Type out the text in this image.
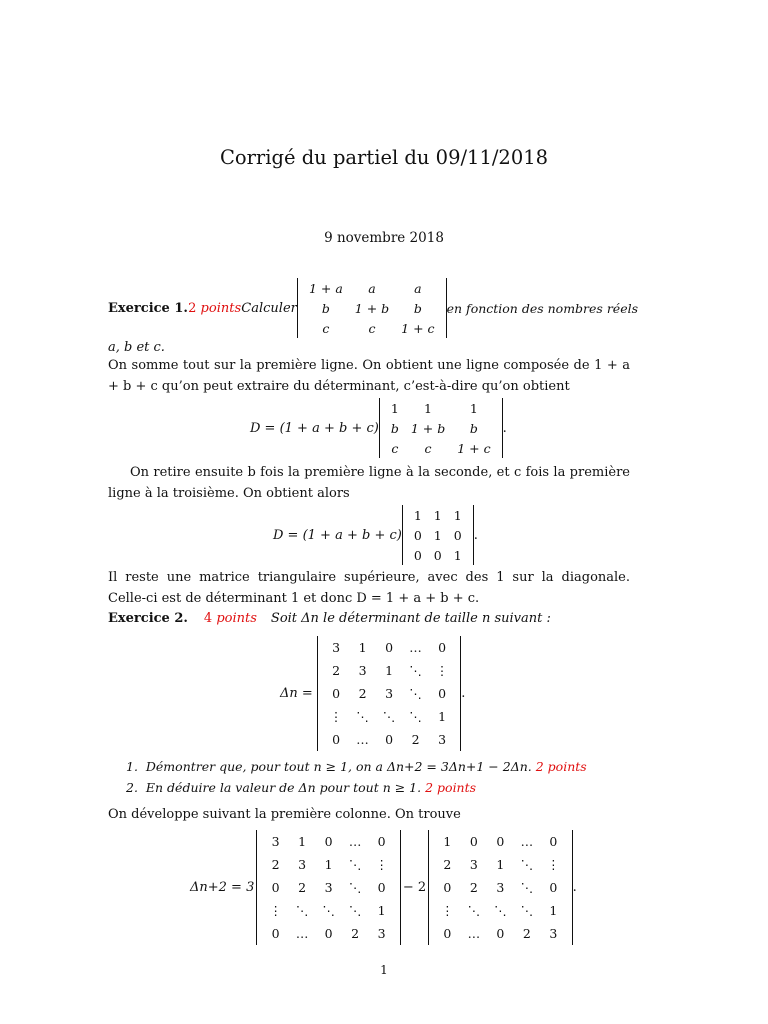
Corrigé du partiel du 09/11/2018
9 novembre 2018
Exercice 1. 2
points Calculer
1 + a	a	a
b	1 + b	b
c	c	1 + c
en fonction des nombres réels
a, b et c.
On somme tout sur la première ligne. On obtient une ligne composée de 1 + a + b + c qu’on peut extraire du déterminant, c’est-à-dire qu’on obtient
D = (1 + a + b + c)
1	1	1
b	1 + b	b
c	c	1 + c
.
On retire ensuite b fois la première ligne à la seconde, et c fois la première ligne à la troisième. On obtient alors
D = (1 + a + b + c)
1	1	1
0	1	0
0	0	1
.
Il reste une matrice triangulaire supérieure, avec des 1 sur la diagonale. Celle-ci est de déterminant 1 et donc D = 1 + a + b + c.
Exercice 2. 4
points Soit Δn le déterminant de taille n suivant :
Δn =
3	1	0	…	0
2	3	1	⋱	⋮
0	2	3	⋱	0
⋮	⋱	⋱	⋱	1
0	…	0	2	3
.
1. Démontrer que, pour tout n ≥ 1, on a Δn+2 = 3Δn+1 − 2Δn. 2 points
2. En déduire la valeur de Δn pour tout n ≥ 1. 2 points
On développe suivant la première colonne. On trouve
Δn+2 = 3
3	1	0	…	0
2	3	1	⋱	⋮
0	2	3	⋱	0
⋮	⋱	⋱	⋱	1
0	…	0	2	3
− 2
1	0	0	…	0
2	3	1	⋱	⋮
0	2	3	⋱	0
⋮	⋱	⋱	⋱	1
0	…	0	2	3
.
1
